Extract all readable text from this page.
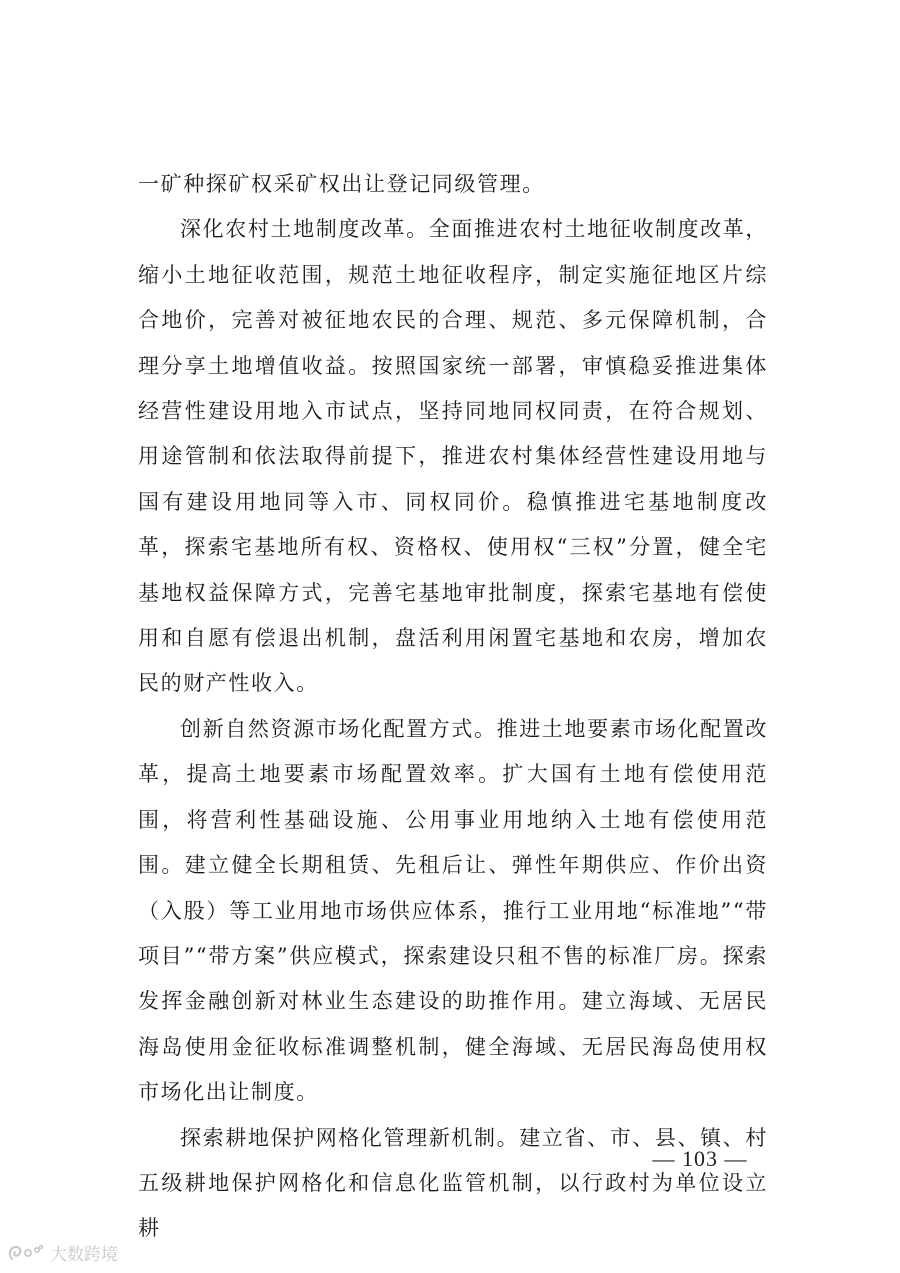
一矿种探矿权采矿权出让登记同级管理。

深化农村土地制度改革。全面推进农村土地征收制度改革，缩小土地征收范围，规范土地征收程序，制定实施征地区片综合地价，完善对被征地农民的合理、规范、多元保障机制，合理分享土地增值收益。按照国家统一部署，审慎稳妥推进集体经营性建设用地入市试点，坚持同地同权同责，在符合规划、用途管制和依法取得前提下，推进农村集体经营性建设用地与国有建设用地同等入市、同权同价。稳慎推进宅基地制度改革，探索宅基地所有权、资格权、使用权“三权”分置，健全宅基地权益保障方式，完善宅基地审批制度，探索宅基地有偿使用和自愿有偿退出机制，盘活利用闲置宅基地和农房，增加农民的财产性收入。

创新自然资源市场化配置方式。推进土地要素市场化配置改革，提高土地要素市场配置效率。扩大国有土地有偿使用范围，将营利性基础设施、公用事业用地纳入土地有偿使用范围。建立健全长期租赁、先租后让、弹性年期供应、作价出资（入股）等工业用地市场供应体系，推行工业用地“标准地”“带项目”“带方案”供应模式，探索建设只租不售的标准厂房。探索发挥金融创新对林业生态建设的助推作用。建立海域、无居民海岛使用金征收标准调整机制，健全海域、无居民海岛使用权市场化出让制度。

探索耕地保护网格化管理新机制。建立省、市、县、镇、村五级耕地保护网格化和信息化监管机制，以行政村为单位设立耕

— 103 —
大数跨境
